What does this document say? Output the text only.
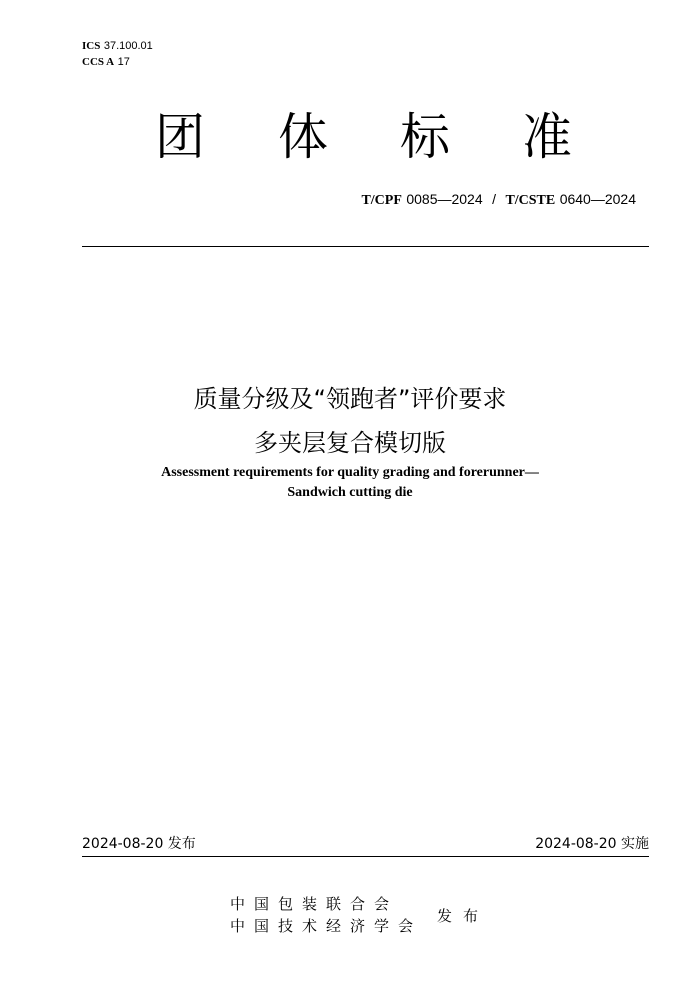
ICS 37.100.01
CCS A 17
团 体 标 准
T/CPF 0085—2024 / T/CSTE 0640—2024
质量分级及“领跑者”评价要求
多夹层复合模切版
Assessment requirements for quality grading and forerunner—
Sandwich cutting die
2024-08-20 发布	2024-08-20 实施
中国包装联合会
中国技术经济学会
发布
